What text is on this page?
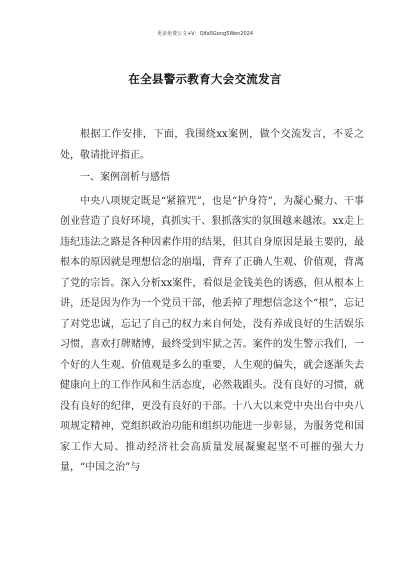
更多免费公文+V：Qifa5Gong5Wen2024
在全县警示教育大会交流发言

根据工作安排，下面，我围绕xx案例，做个交流发言，不妥之处，敬请批评指正。

一、案例剖析与感悟

中央八项规定既是“紧箍咒”，也是“护身符”，为凝心聚力、干事创业营造了良好环境，真抓实干、狠抓落实的氛围越来越浓。xx走上违纪违法之路是各种因素作用的结果，但其自身原因是最主要的，最根本的原因就是理想信念的崩塌，背弃了正确人生观、价值观，背离了党的宗旨。深入分析xx案件，看似是金钱美色的诱惑，但从根本上讲，还是因为作为一个党员干部，他丢掉了理想信念这个“根”，忘记了对党忠诚，忘记了自己的权力来自何处，没有养成良好的生活娱乐习惯，喜欢打牌赌博，最终受到牢狱之苦。案件的发生警示我们，一个好的人生观、价值观是多么的重要，人生观的偏失，就会逐渐失去健康向上的工作作风和生活态度，必然栽跟头。没有良好的习惯，就没有良好的纪律，更没有良好的干部。十八大以来党中央出台中央八项规定精神，党组织政治功能和组织功能进一步彰显，为服务党和国家工作大局、推动经济社会高质量发展凝聚起坚不可摧的强大力量，“中国之治”与
